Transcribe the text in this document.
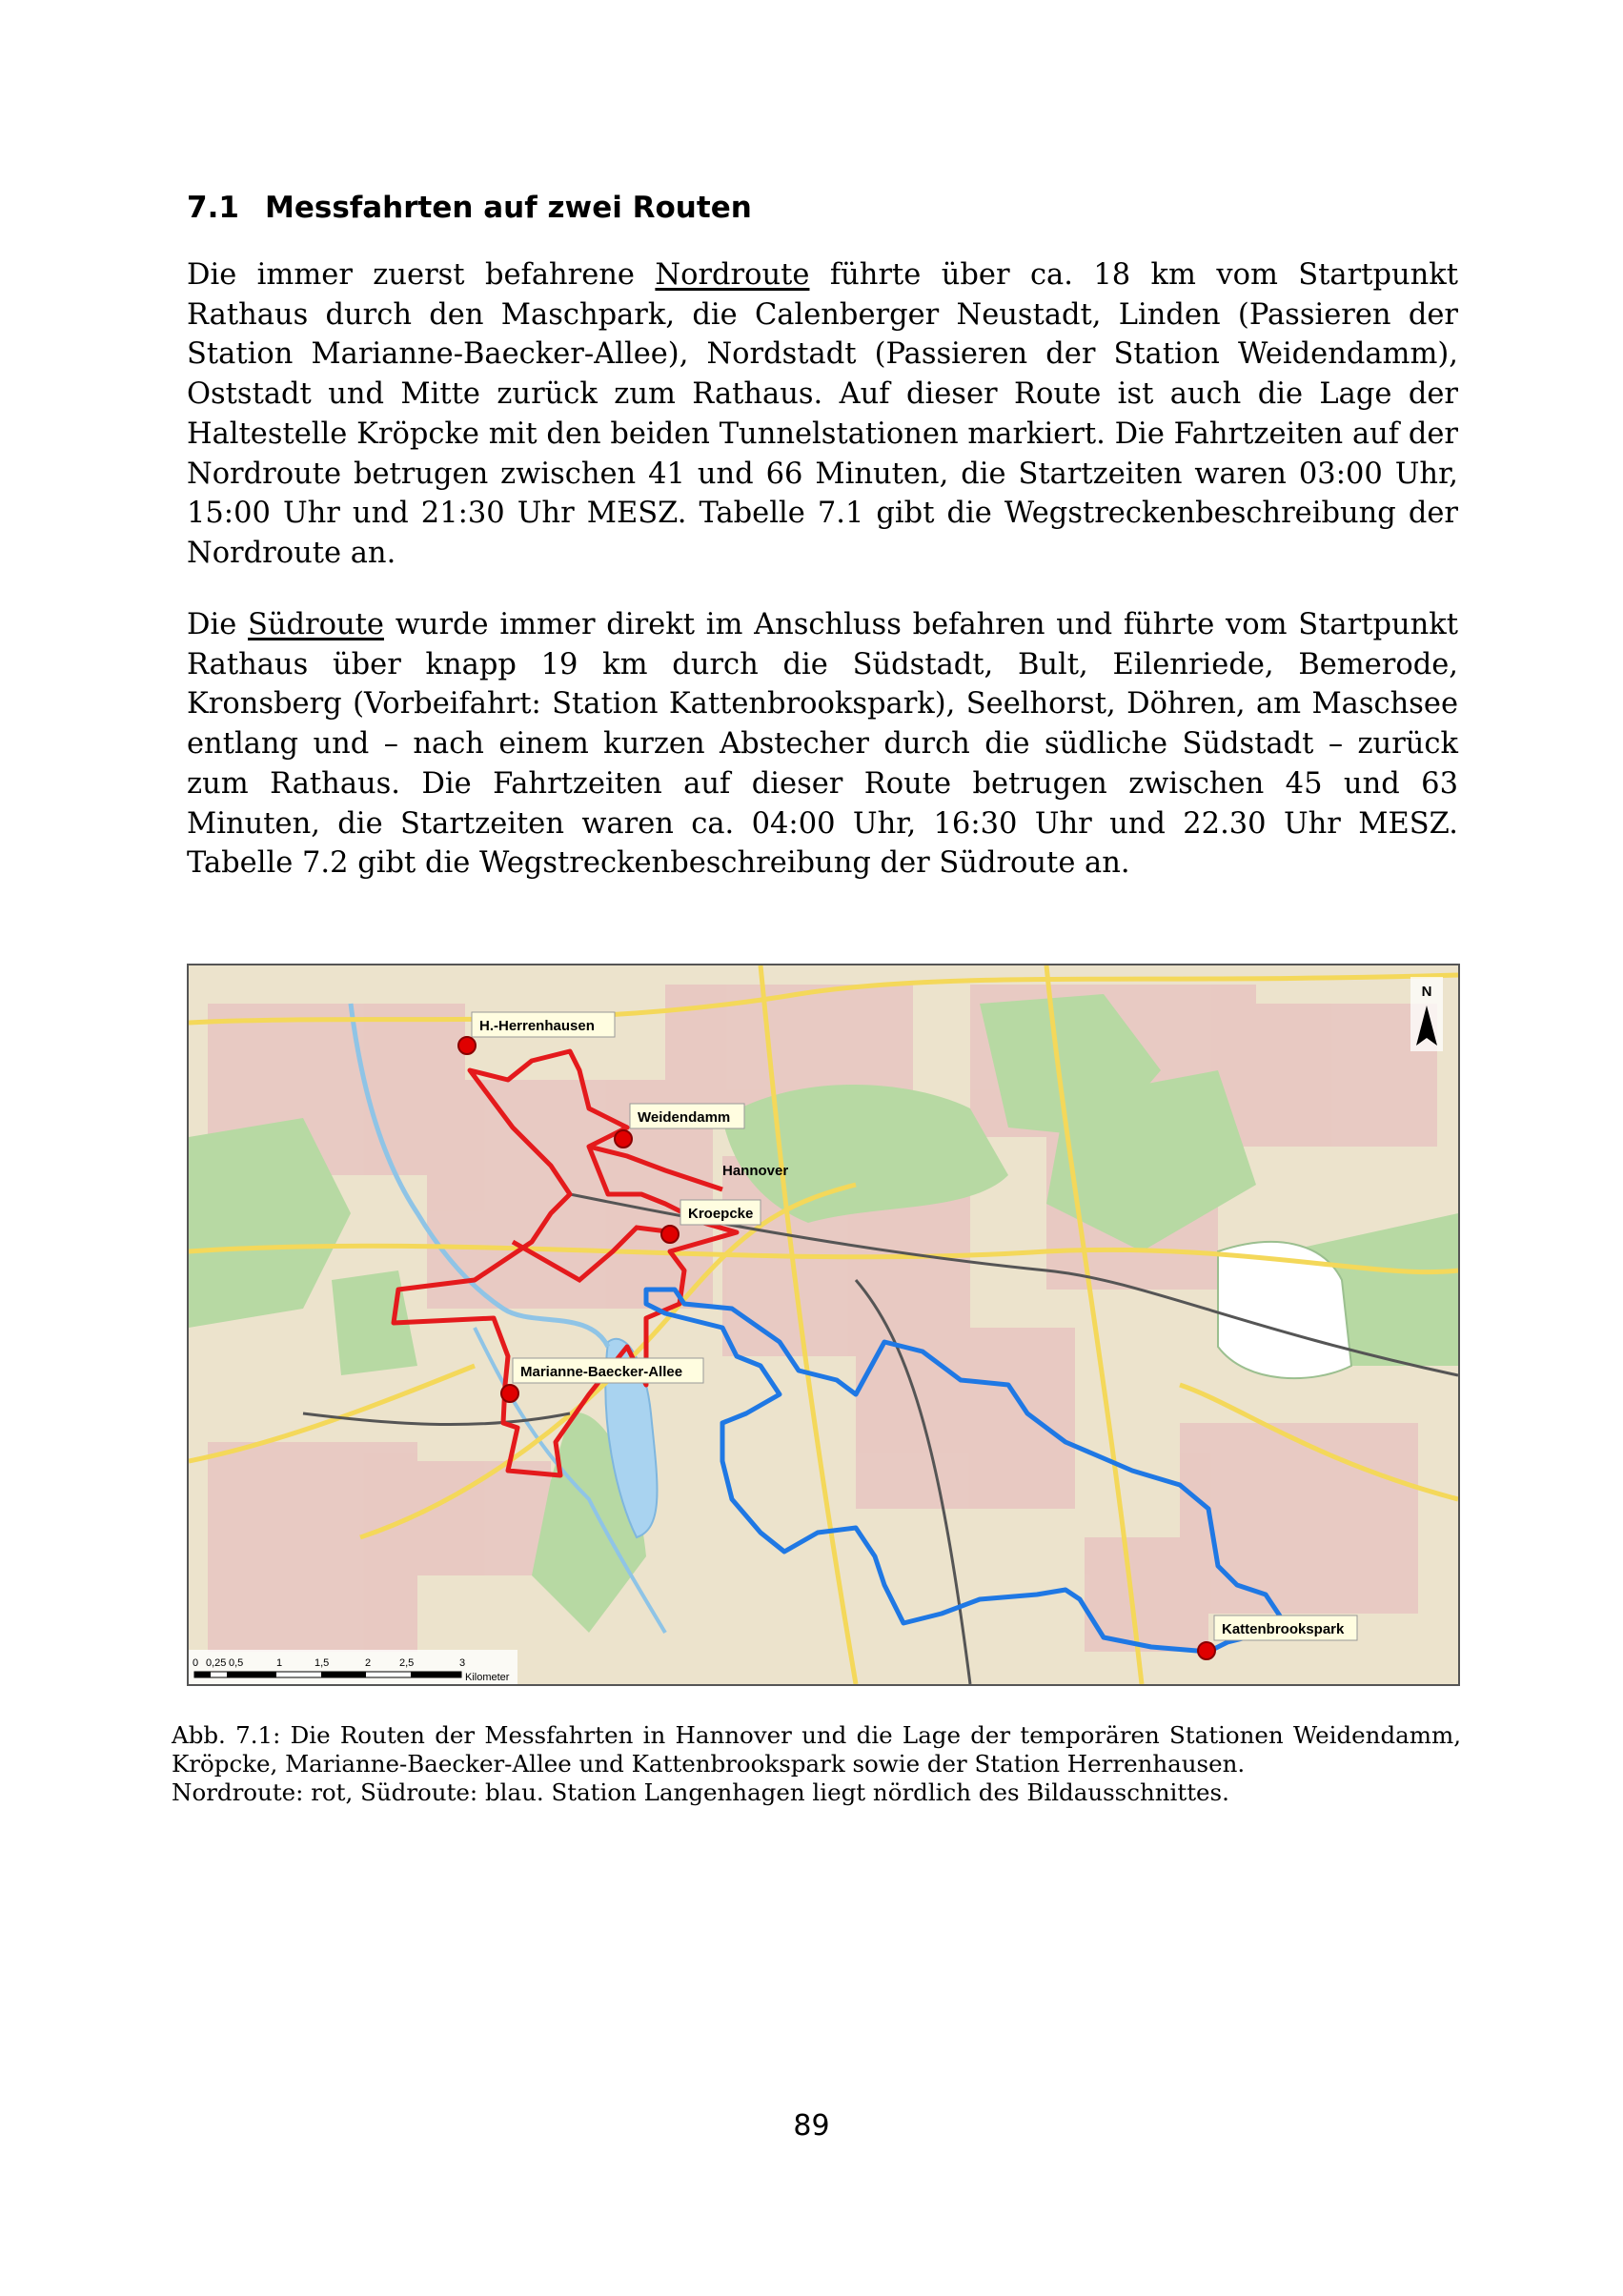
7.1 Messfahrten auf zwei Routen

Die immer zuerst befahrene Nordroute führte über ca. 18 km vom Startpunkt Rathaus durch den Maschpark, die Calenberger Neustadt, Linden (Passieren der Station Marianne-Baecker-Allee), Nordstadt (Passieren der Station Weidendamm), Oststadt und Mitte zurück zum Rathaus. Auf dieser Route ist auch die Lage der Haltestelle Kröpcke mit den beiden Tunnelstationen markiert. Die Fahrtzeiten auf der Nordroute betrugen zwischen 41 und 66 Minuten, die Startzeiten waren 03:00 Uhr, 15:00 Uhr und 21:30 Uhr MESZ. Tabelle 7.1 gibt die Wegstreckenbeschreibung der Nordroute an.

Die Südroute wurde immer direkt im Anschluss befahren und führte vom Startpunkt Rathaus über knapp 19 km durch die Südstadt, Bult, Eilenriede, Bemerode, Kronsberg (Vorbeifahrt: Station Kattenbrookspark), Seelhorst, Döhren, am Maschsee entlang und – nach einem kurzen Abstecher durch die südliche Südstadt – zurück zum Rathaus. Die Fahrtzeiten auf dieser Route betrugen zwischen 45 und 63 Minuten, die Startzeiten waren ca. 04:00 Uhr, 16:30 Uhr und 22.30 Uhr MESZ. Tabelle 7.2 gibt die Wegstreckenbeschreibung der Südroute an.

H.-Herrenhausen
Weidendamm
Hannover
Kroepcke
Marianne-Baecker-Allee
Kattenbrookspark
N
0 0,25 0,5	1	1,5	2	2,5	3
Kilometer
Abb. 7.1: Die Routen der Messfahrten in Hannover und die Lage der temporären Stationen Weidendamm, Kröpcke, Marianne-Baecker-Allee und Kattenbrookspark sowie der Station Herrenhausen.
Nordroute: rot, Südroute: blau. Station Langenhagen liegt nördlich des Bildausschnittes.
89
